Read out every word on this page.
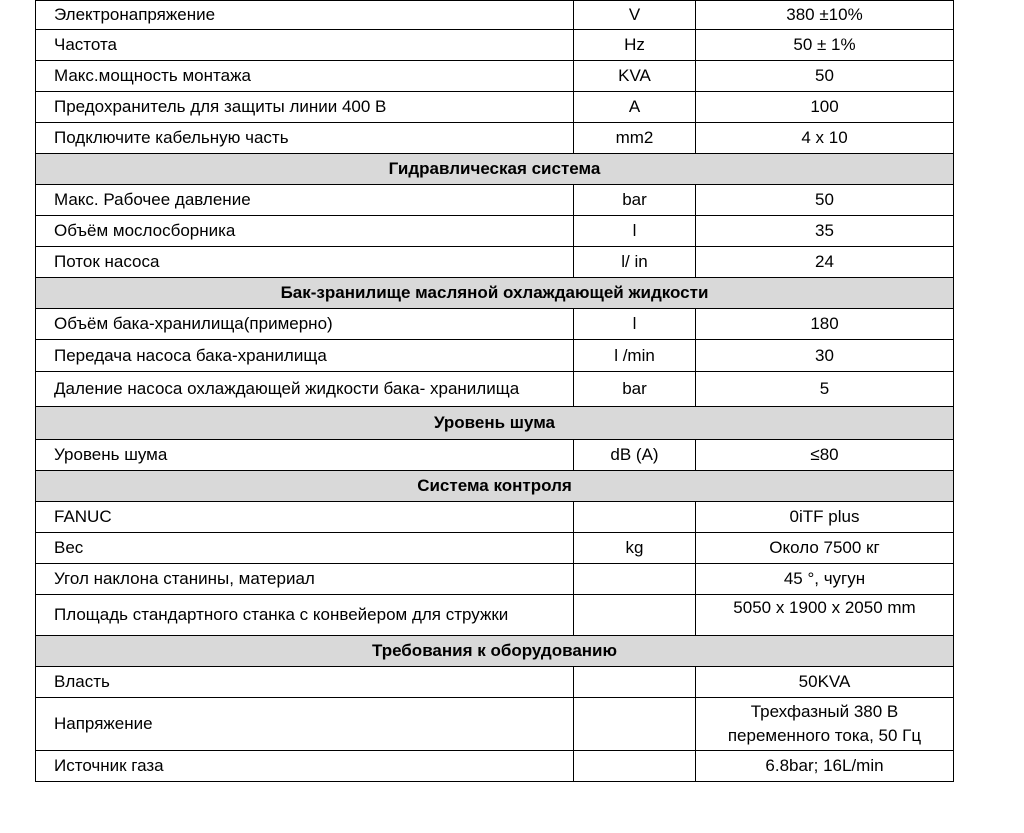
Электронапряжение	V	380 ±10%
Частота	Hz	50 ± 1%
Макс.мощность монтажа	KVA	50
Предохранитель для защиты линии 400 В	A	100
Подключите кабельную часть	mm2	4 x 10
Гидравлическая система		
Макс. Рабочее давление	bar	50
Объём мослосборника	l	35
Поток насоса	l/ in	24
Бак-зранилище масляной охлаждающей жидкости		
Объём бака-хранилища(примерно)	l	180
Передача насоса бака-хранилища	l /min	30
Даление насоса охлаждающей жидкости бака- хранилища	bar	5
Уровень шума		
Уровень шума	dB (A)	≤80
Система контроля		
FANUC		0iTF plus
Вес	kg	Около 7500 кг
Угол наклона станины, материал		45 °, чугун
Площадь стандартного станка с конвейером для стружки		5050 x 1900 x 2050 mm
Требования к оборудованию		
Власть		50KVA
Напряжение		Трехфазный 380 В переменного тока, 50 Гц
Источник газа		6.8bar; 16L/min
